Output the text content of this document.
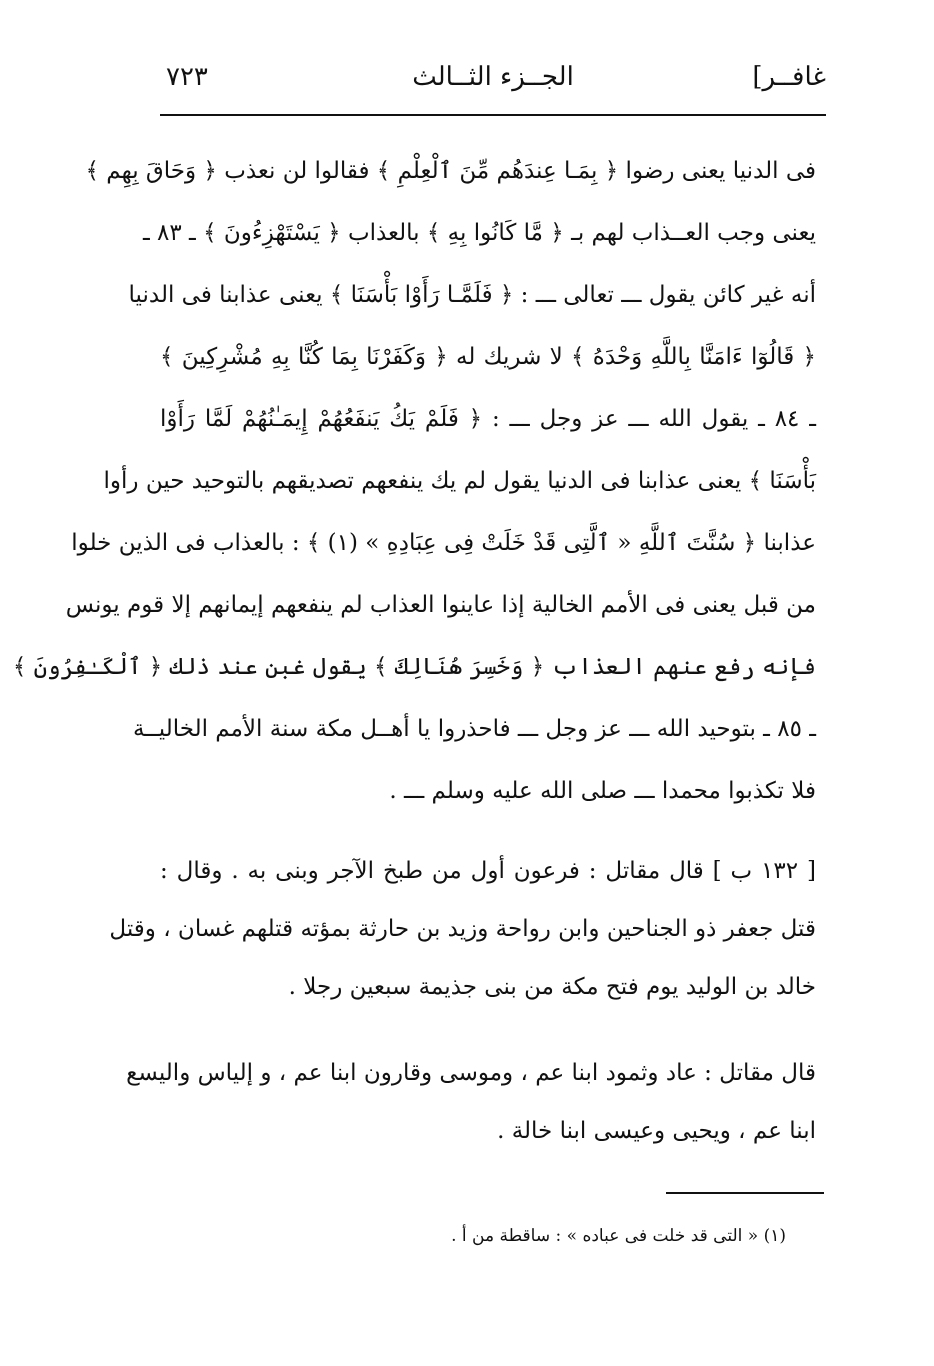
غافــر]
الجــزء الثــالث
٧٢٣
فى الدنيا يعنى رضوا ﴿ بِمَـا عِندَهُم مِّنَ ٱلْعِلْمِ ﴾ فقالوا لن نعذب ﴿ وَحَاقَ بِهِم ﴾
يعنى وجب العــذاب لهم بـ ﴿ مَّا كَانُوا بِهِ ﴾ بالعذاب ﴿ يَسْتَهْزِءُونَ ﴾ ـ ٨٣ ـ
أنه غير كائن يقول ـــ تعالى ـــ : ﴿ فَلَمَّـا رَأَوْا بَأْسَنَا ﴾ يعنى عذابنا فى الدنيا
﴿ قَالُوٓا ءَامَنَّا بِاللَّهِ وَحْدَهُ ﴾ لا شريك له ﴿ وَكَفَرْنَا بِمَا كُنَّا بِهِ مُشْرِكِينَ ﴾
ـ ٨٤ ـ يقول الله ـــ عز وجل ـــ : ﴿ فَلَمْ يَكُ يَنفَعُهُمْ إِيمَـٰنُهُمْ لَمَّا رَأَوْا
بَأْسَنَا ﴾ يعنى عذابنا فى الدنيا يقول لم يك ينفعهم تصديقهم بالتوحيد حين رأوا
عذابنا ﴿ سُنَّتَ ٱللَّهِ « ٱلَّتِى قَدْ خَلَتْ فِى عِبَادِهِ » (١) ﴾ : بالعذاب فى الذين خلوا
من قبل يعنى فى الأمم الخالية إذا عاينوا العذاب لم ينفعهم إيمانهم إلا قوم يونس
فإنه رفع عنهم العذاب ﴿ وَخَسِرَ هُنَالِكَ ﴾ يقول غبن عند ذلك ﴿ ٱلْكَـٰفِرُونَ ﴾
ـ ٨٥ ـ بتوحيد الله ـــ عز وجل ـــ فاحذروا يا أهــل مكة سنة الأمم الخاليــة
فلا تكذبوا محمدا ـــ صلى الله عليه وسلم ـــ .
[ ١٣٢ ب ] قال مقاتل : فرعون أول من طبخ الآجر وبنى به . وقال :
قتل جعفر ذو الجناحين وابن رواحة وزيد بن حارثة بمؤته قتلهم غسان ، وقتل
خالد بن الوليد يوم فتح مكة من بنى جذيمة سبعين رجلا .
قال مقاتل : عاد وثمود ابنا عم ، وموسى وقارون ابنا عم ، و إلياس واليسع
ابنا عم ، ويحيى وعيسى ابنا خالة .
(١) « التى قد خلت فى عباده » : ساقطة من أ .
